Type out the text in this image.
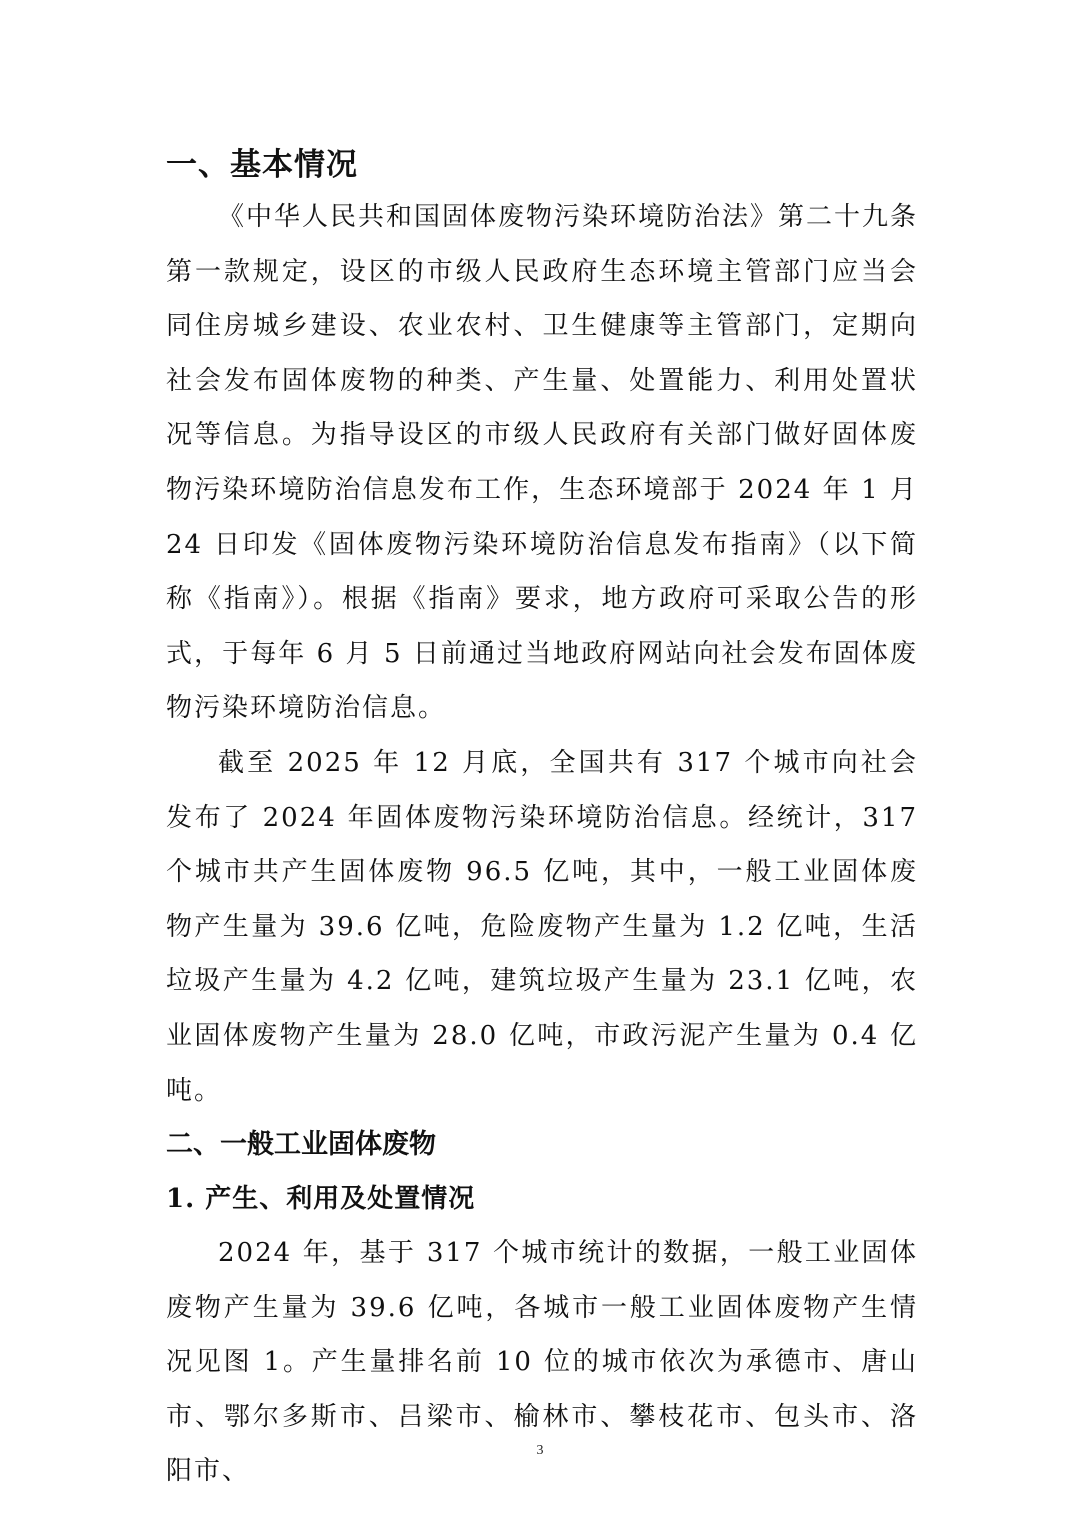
一、基本情况

《中华人民共和国固体废物污染环境防治法》第二十九条第一款规定，设区的市级人民政府生态环境主管部门应当会同住房城乡建设、农业农村、卫生健康等主管部门，定期向社会发布固体废物的种类、产生量、处置能力、利用处置状况等信息。为指导设区的市级人民政府有关部门做好固体废物污染环境防治信息发布工作，生态环境部于 2024 年 1 月 24 日印发《固体废物污染环境防治信息发布指南》（以下简称《指南》）。根据《指南》要求，地方政府可采取公告的形式，于每年 6 月 5 日前通过当地政府网站向社会发布固体废物污染环境防治信息。

截至 2025 年 12 月底，全国共有 317 个城市向社会发布了 2024 年固体废物污染环境防治信息。经统计，317 个城市共产生固体废物 96.5 亿吨，其中，一般工业固体废物产生量为 39.6 亿吨，危险废物产生量为 1.2 亿吨，生活垃圾产生量为 4.2 亿吨，建筑垃圾产生量为 23.1 亿吨，农业固体废物产生量为 28.0 亿吨，市政污泥产生量为 0.4 亿吨。

二、一般工业固体废物
1. 产生、利用及处置情况

2024 年，基于 317 个城市统计的数据，一般工业固体废物产生量为 39.6 亿吨，各城市一般工业固体废物产生情况见图 1。产生量排名前 10 位的城市依次为承德市、唐山市、鄂尔多斯市、吕梁市、榆林市、攀枝花市、包头市、洛阳市、

3
